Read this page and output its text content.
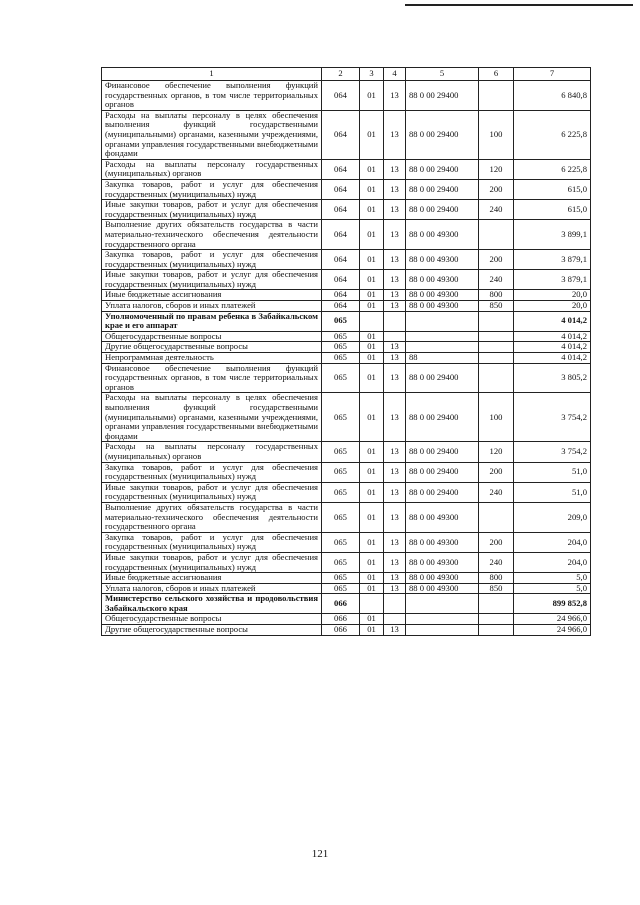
1	2	3	4	5	6	7
Финансовое обеспечение выполнения функций государственных органов, в том числе территориальных органов	064	01	13	88 0 00 29400		6 840,8
Расходы на выплаты персоналу в целях обеспечения выполнения функций государственными (муниципальными) органами, казенными учреждениями, органами управления государственными внебюджетными фондами	064	01	13	88 0 00 29400	100	6 225,8
Расходы на выплаты персоналу государственных (муниципальных) органов	064	01	13	88 0 00 29400	120	6 225,8
Закупка товаров, работ и услуг для обеспечения государственных (муниципальных) нужд	064	01	13	88 0 00 29400	200	615,0
Иные закупки товаров, работ и услуг для обеспечения государственных (муниципальных) нужд	064	01	13	88 0 00 29400	240	615,0
Выполнение других обязательств государства в части материально-технического обеспечения деятельности государственного органа	064	01	13	88 0 00 49300		3 899,1
Закупка товаров, работ и услуг для обеспечения государственных (муниципальных) нужд	064	01	13	88 0 00 49300	200	3 879,1
Иные закупки товаров, работ и услуг для обеспечения государственных (муниципальных) нужд	064	01	13	88 0 00 49300	240	3 879,1
Иные бюджетные ассигнования	064	01	13	88 0 00 49300	800	20,0
Уплата налогов, сборов и иных платежей	064	01	13	88 0 00 49300	850	20,0
Уполномоченный по правам ребенка в Забайкальском крае и его аппарат	065					4 014,2
Общегосударственные вопросы	065	01				4 014,2
Другие общегосударственные вопросы	065	01	13			4 014,2
Непрограммная деятельность	065	01	13	88		4 014,2
Финансовое обеспечение выполнения функций государственных органов, в том числе территориальных органов	065	01	13	88 0 00 29400		3 805,2
Расходы на выплаты персоналу в целях обеспечения выполнения функций государственными (муниципальными) органами, казенными учреждениями, органами управления государственными внебюджетными фондами	065	01	13	88 0 00 29400	100	3 754,2
Расходы на выплаты персоналу государственных (муниципальных) органов	065	01	13	88 0 00 29400	120	3 754,2
Закупка товаров, работ и услуг для обеспечения государственных (муниципальных) нужд	065	01	13	88 0 00 29400	200	51,0
Иные закупки товаров, работ и услуг для обеспечения государственных (муниципальных) нужд	065	01	13	88 0 00 29400	240	51,0
Выполнение других обязательств государства в части материально-технического обеспечения деятельности государственного органа	065	01	13	88 0 00 49300		209,0
Закупка товаров, работ и услуг для обеспечения государственных (муниципальных) нужд	065	01	13	88 0 00 49300	200	204,0
Иные закупки товаров, работ и услуг для обеспечения государственных (муниципальных) нужд	065	01	13	88 0 00 49300	240	204,0
Иные бюджетные ассигнования	065	01	13	88 0 00 49300	800	5,0
Уплата налогов, сборов и иных платежей	065	01	13	88 0 00 49300	850	5,0
Министерство сельского хозяйства и продовольствия Забайкальского края	066					899 852,8
Общегосударственные вопросы	066	01				24 966,0
Другие общегосударственные вопросы	066	01	13			24 966,0
121
